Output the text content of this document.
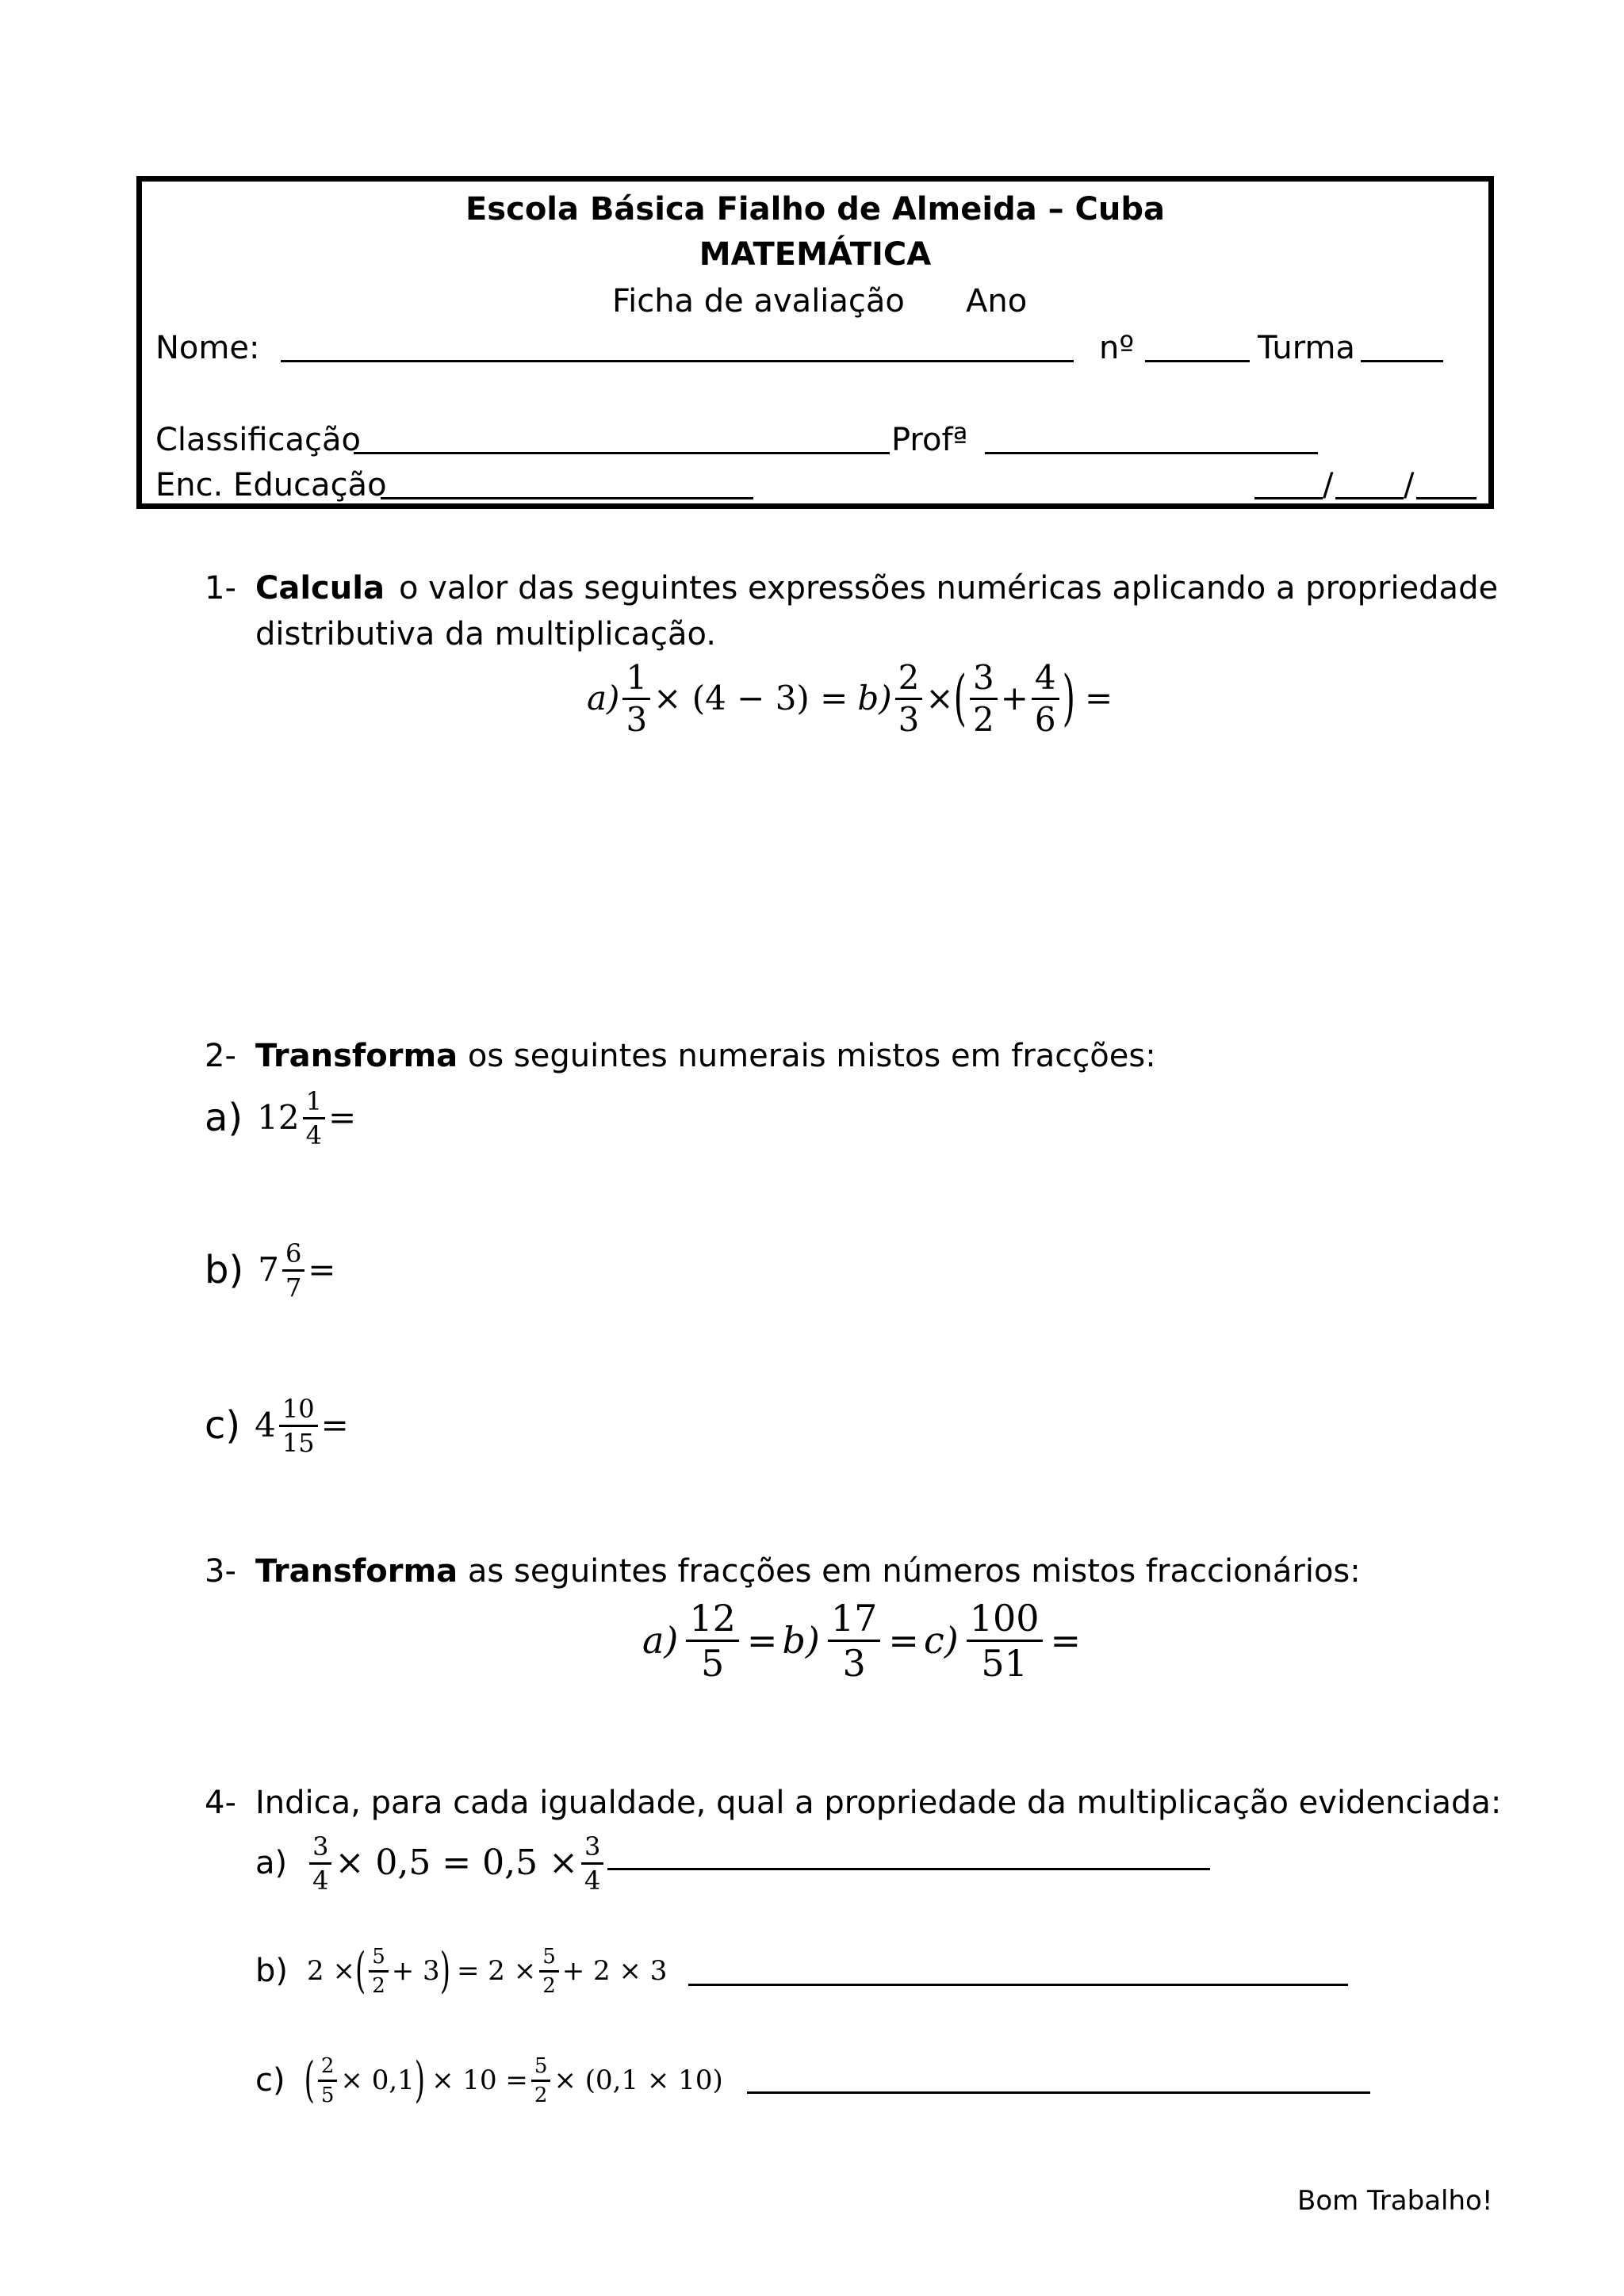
Escola Básica Fialho de Almeida – Cuba
MATEMÁTICA
Ficha de avaliação Ano
Nome:	nº	Turma
Classificação	Profª
Enc. Educação	/ /
1- Calcula o valor das seguintes expressões numéricas aplicando a propriedade
distributiva da multiplicação.
$a) \frac{1}{3} \times (4 - 3) = b) \frac{2}{3}$ × ( $\frac{3}{2} + \frac{4}{6}$ ) =
2- Transforma os seguintes numerais mistos em fracções:
a) $12 \frac{1}{4}$ =
b) $7 \frac{6}{7}$ =
c) $4 \frac{10}{15}$ =
3- Transforma as seguintes fracções em números mistos fraccionários:
$a) \frac{12}{5} = b) \frac{17}{3} = c) \frac{100}{51}$ =
4- Indica, para cada igualdade, qual a propriedade da multiplicação evidenciada:
$a) \frac{3}{4} \times 0,5 = 0,5 \times \frac{3}{4}$
b) 2 × ( $\frac{5}{2} + 3$ ) = $2 \times \frac{5}{2} + 2 \times 3$
c) ( $\frac{2}{5} \times 0,1$ ) × $10 = \frac{5}{2} \times (0,1 \times 10)$
Bom Trabalho!
